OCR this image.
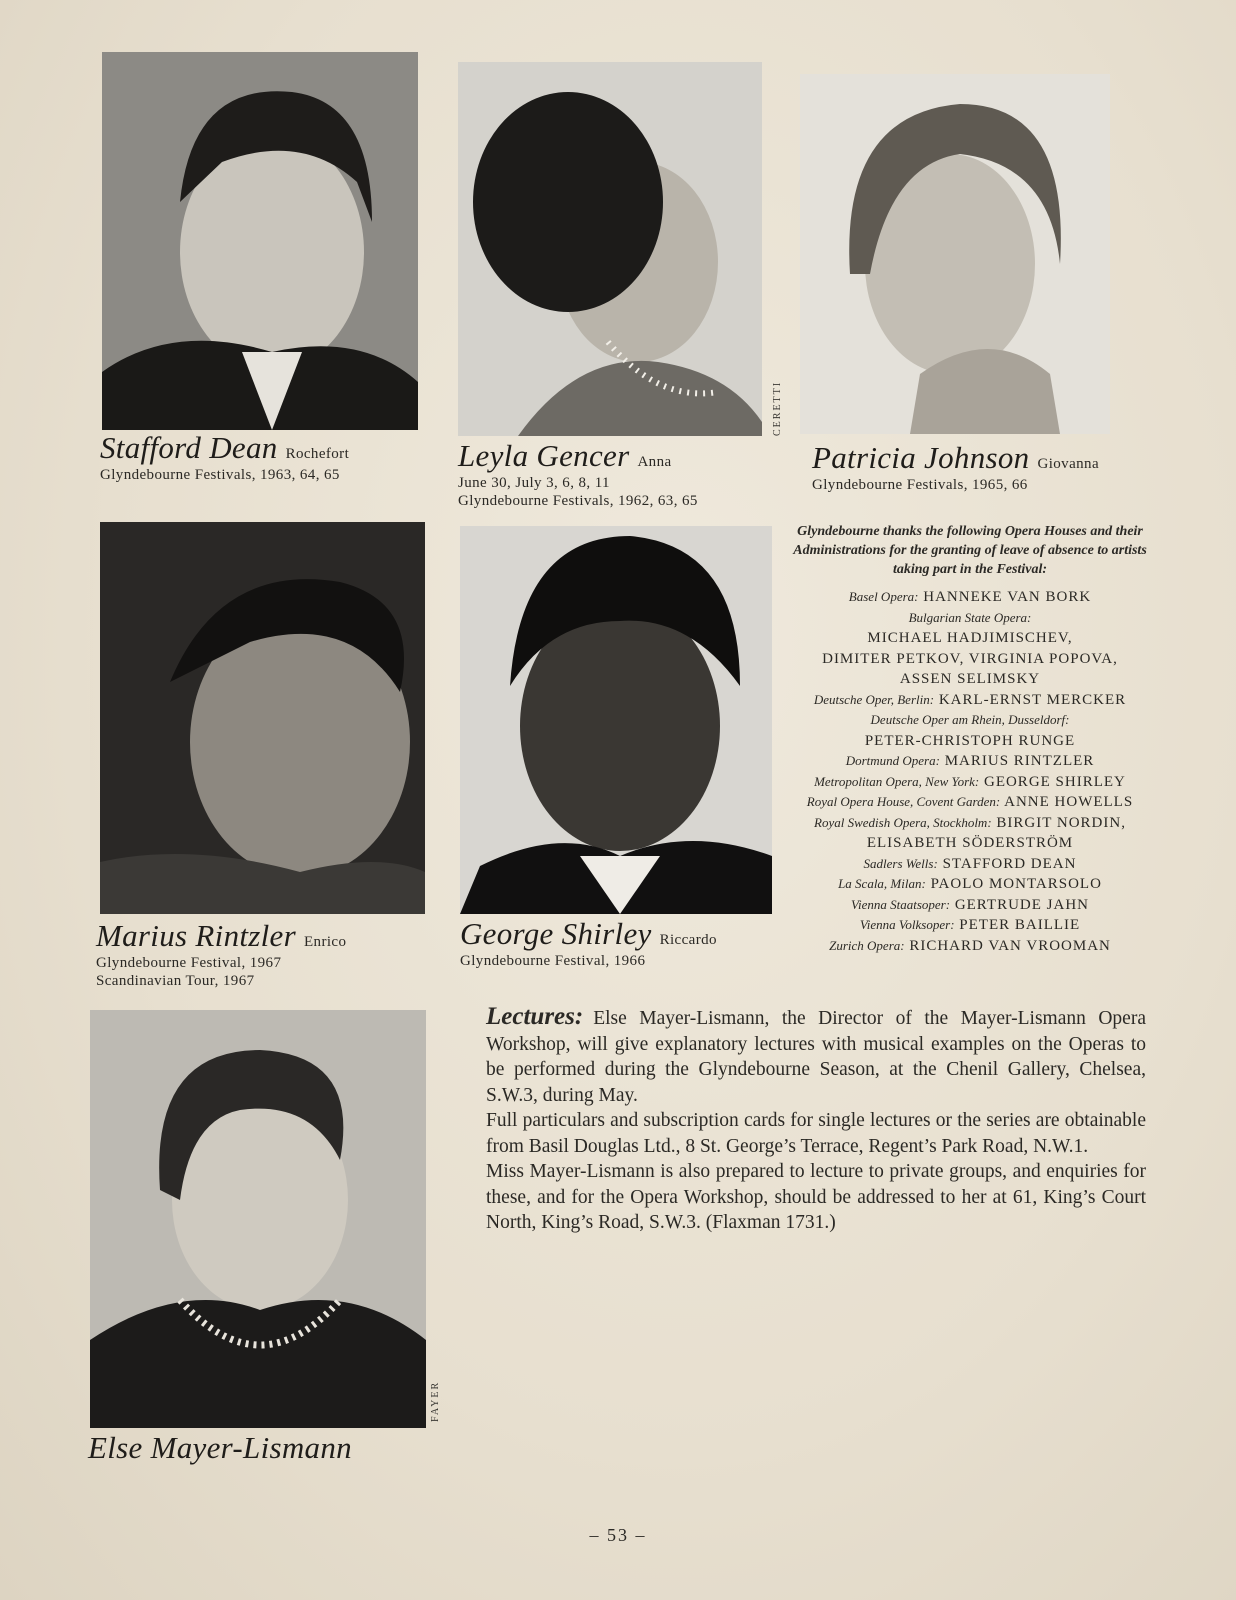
CERETTI
FAYER
Stafford Dean Rochefort
Glyndebourne Festivals, 1963, 64, 65
Leyla Gencer Anna
June 30, July 3, 6, 8, 11
Glyndebourne Festivals, 1962, 63, 65
Patricia Johnson Giovanna
Glyndebourne Festivals, 1965, 66
Marius Rintzler Enrico
Glyndebourne Festival, 1967
Scandinavian Tour, 1967
George Shirley Riccardo
Glyndebourne Festival, 1966
Else Mayer-Lismann
Glyndebourne thanks the following Opera Houses and their Administrations for the granting of leave of absence to artists taking part in the Festival:
Basel Opera: HANNEKE VAN BORK
Bulgarian State Opera:
MICHAEL HADJIMISCHEV,
DIMITER PETKOV, VIRGINIA POPOVA,
ASSEN SELIMSKY
Deutsche Oper, Berlin: KARL-ERNST MERCKER
Deutsche Oper am Rhein, Dusseldorf:
PETER-CHRISTOPH RUNGE
Dortmund Opera: MARIUS RINTZLER
Metropolitan Opera, New York: GEORGE SHIRLEY
Royal Opera House, Covent Garden: ANNE HOWELLS
Royal Swedish Opera, Stockholm: BIRGIT NORDIN,
ELISABETH SÖDERSTRÖM
Sadlers Wells: STAFFORD DEAN
La Scala, Milan: PAOLO MONTARSOLO
Vienna Staatsoper: GERTRUDE JAHN
Vienna Volksoper: PETER BAILLIE
Zurich Opera: RICHARD VAN VROOMAN

Lectures: Else Mayer-Lismann, the Director of the Mayer-Lismann Opera Workshop, will give explanatory lectures with musical examples on the Operas to be performed during the Glyndebourne Season, at the Chenil Gallery, Chelsea, S.W.3, during May.

Full particulars and subscription cards for single lectures or the series are obtainable from Basil Douglas Ltd., 8 St. George’s Terrace, Regent’s Park Road, N.W.1.

Miss Mayer-Lismann is also prepared to lecture to private groups, and enquiries for these, and for the Opera Workshop, should be addressed to her at 61, King’s Court North, King’s Road, S.W.3. (Flaxman 1731.)

– 53 –
